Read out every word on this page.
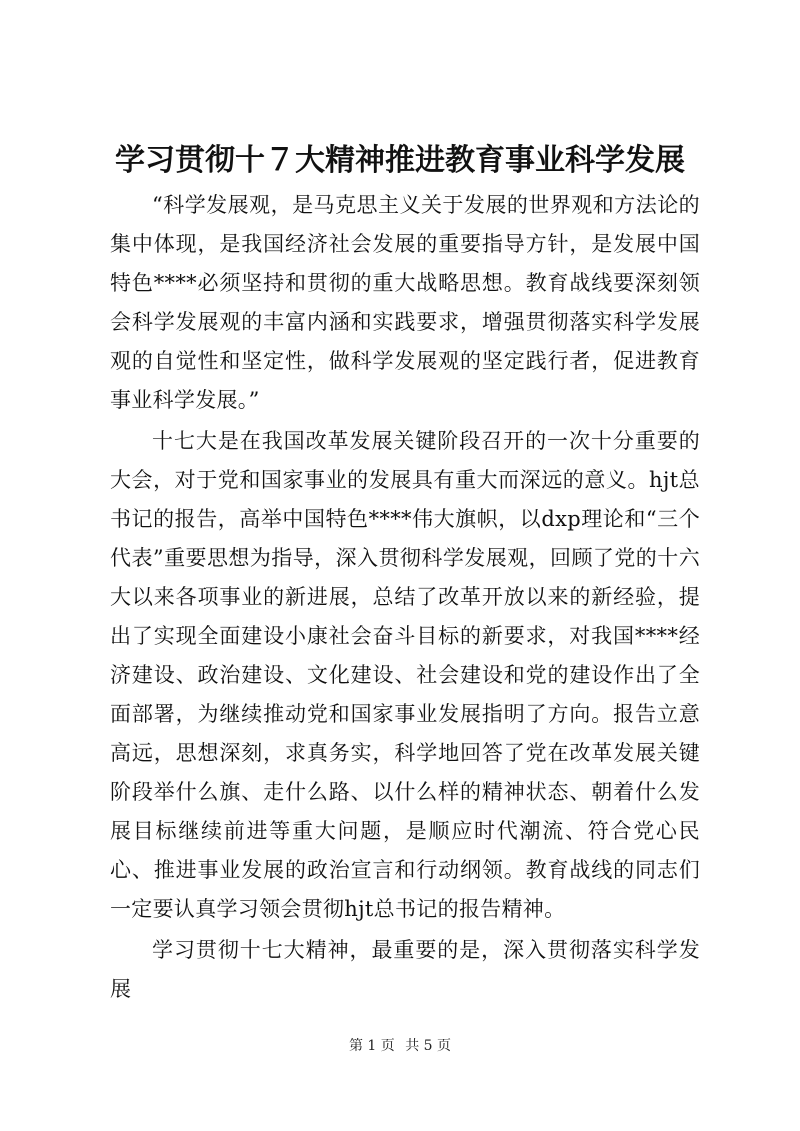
学习贯彻十７大精神推进教育事业科学发展

“科学发展观，是马克思主义关于发展的世界观和方法论的集中体现，是我国经济社会发展的重要指导方针，是发展中国特色****必须坚持和贯彻的重大战略思想。教育战线要深刻领会科学发展观的丰富内涵和实践要求，增强贯彻落实科学发展观的自觉性和坚定性，做科学发展观的坚定践行者，促进教育事业科学发展。”

十七大是在我国改革发展关键阶段召开的一次十分重要的大会，对于党和国家事业的发展具有重大而深远的意义。hjt总书记的报告，高举中国特色****伟大旗帜，以dxp理论和“三个代表”重要思想为指导，深入贯彻科学发展观，回顾了党的十六大以来各项事业的新进展，总结了改革开放以来的新经验，提出了实现全面建设小康社会奋斗目标的新要求，对我国****经济建设、政治建设、文化建设、社会建设和党的建设作出了全面部署，为继续推动党和国家事业发展指明了方向。报告立意高远，思想深刻，求真务实，科学地回答了党在改革发展关键阶段举什么旗、走什么路、以什么样的精神状态、朝着什么发展目标继续前进等重大问题，是顺应时代潮流、符合党心民心、推进事业发展的政治宣言和行动纲领。教育战线的同志们一定要认真学习领会贯彻hjt总书记的报告精神。

学习贯彻十七大精神，最重要的是，深入贯彻落实科学发展

第 1 页 共 5 页
